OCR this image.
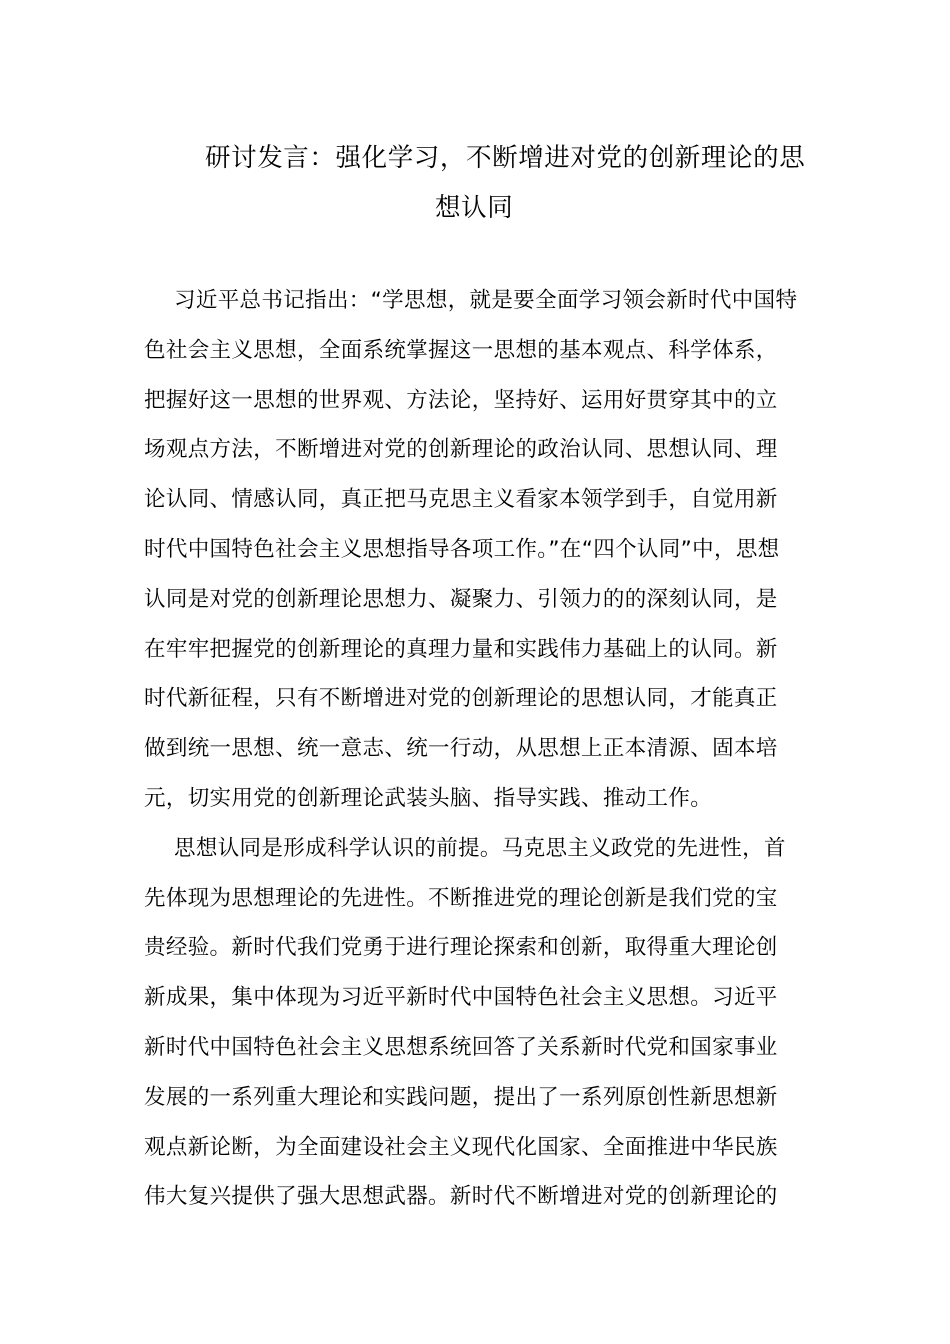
研讨发言：强化学习，不断增进对党的创新理论的思
想认同

习近平总书记指出：“学思想，就是要全面学习领会新时代中国特
色社会主义思想，全面系统掌握这一思想的基本观点、科学体系，
把握好这一思想的世界观、方法论，坚持好、运用好贯穿其中的立
场观点方法，不断增进对党的创新理论的政治认同、思想认同、理
论认同、情感认同，真正把马克思主义看家本领学到手，自觉用新
时代中国特色社会主义思想指导各项工作。”在“四个认同”中，思想
认同是对党的创新理论思想力、凝聚力、引领力的的深刻认同，是
在牢牢把握党的创新理论的真理力量和实践伟力基础上的认同。新
时代新征程，只有不断增进对党的创新理论的思想认同，才能真正
做到统一思想、统一意志、统一行动，从思想上正本清源、固本培
元，切实用党的创新理论武装头脑、指导实践、推动工作。

思想认同是形成科学认识的前提。马克思主义政党的先进性，首
先体现为思想理论的先进性。不断推进党的理论创新是我们党的宝
贵经验。新时代我们党勇于进行理论探索和创新，取得重大理论创
新成果，集中体现为习近平新时代中国特色社会主义思想。习近平
新时代中国特色社会主义思想系统回答了关系新时代党和国家事业
发展的一系列重大理论和实践问题，提出了一系列原创性新思想新
观点新论断，为全面建设社会主义现代化国家、全面推进中华民族
伟大复兴提供了强大思想武器。新时代不断增进对党的创新理论的
